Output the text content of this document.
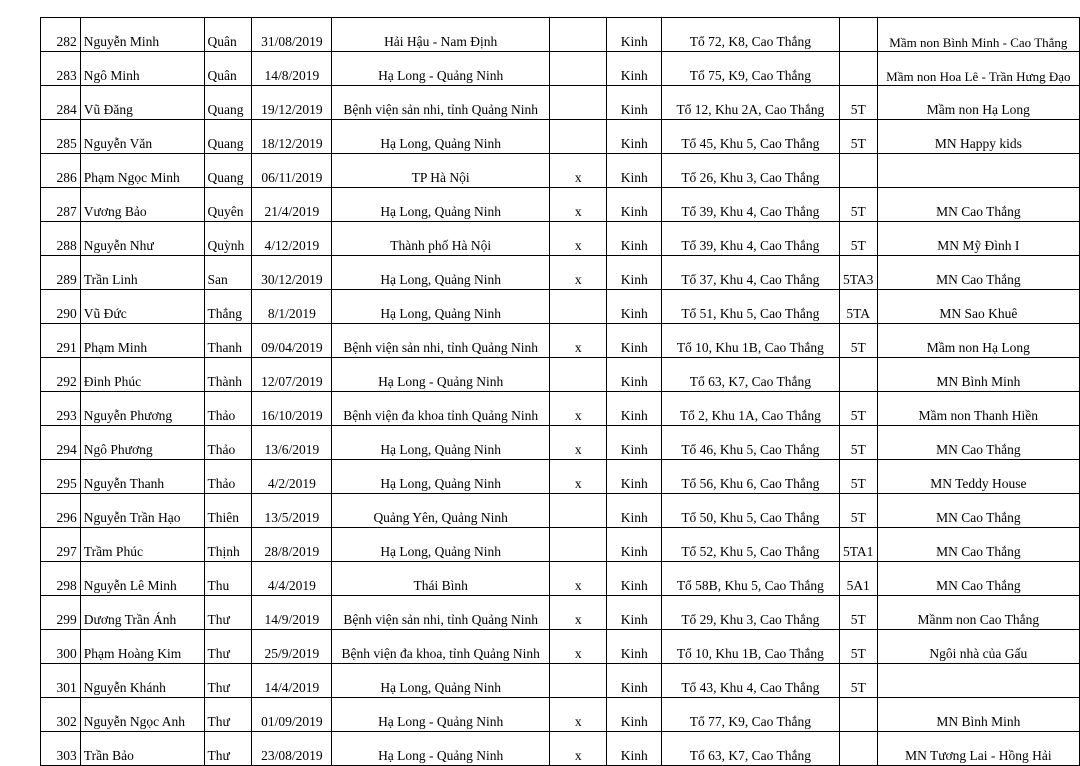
282	Nguyễn Minh	Quân	31/08/2019	Hải Hậu - Nam Định		Kinh	Tổ 72, K8, Cao Thắng		Mầm non Bình Minh - Cao Thắng
283	Ngô Minh	Quân	14/8/2019	Hạ Long - Quảng Ninh		Kinh	Tổ 75, K9, Cao Thắng		Mầm non Hoa Lê - Trần Hưng Đạo
284	Vũ Đăng	Quang	19/12/2019	Bệnh viện sản nhi, tỉnh Quảng Ninh		Kinh	Tổ 12, Khu 2A, Cao Thắng	5T	Mầm non Hạ Long
285	Nguyễn Văn	Quang	18/12/2019	Hạ Long, Quảng Ninh		Kinh	Tổ 45, Khu 5, Cao Thắng	5T	MN Happy kids
286	Phạm Ngọc Minh	Quang	06/11/2019	TP Hà Nội	x	Kinh	Tổ 26, Khu 3, Cao Thắng		
287	Vương Bảo	Quyên	21/4/2019	Hạ Long, Quảng Ninh	x	Kinh	Tổ 39, Khu 4, Cao Thắng	5T	MN Cao Thắng
288	Nguyễn Như	Quỳnh	4/12/2019	Thành phố Hà Nội	x	Kinh	Tổ 39, Khu 4, Cao Thắng	5T	MN Mỹ Đình I
289	Trần Linh	San	30/12/2019	Hạ Long, Quảng Ninh	x	Kinh	Tổ 37, Khu 4, Cao Thắng	5TA3	MN Cao Thắng
290	Vũ Đức	Thắng	8/1/2019	Hạ Long, Quảng Ninh		Kinh	Tổ 51, Khu 5, Cao Thắng	5TA	MN Sao Khuê
291	Phạm Minh	Thanh	09/04/2019	Bệnh viện sản nhi, tỉnh Quảng Ninh	x	Kinh	Tổ 10, Khu 1B, Cao Thắng	5T	Mầm non Hạ Long
292	Đinh Phúc	Thành	12/07/2019	Hạ Long - Quảng Ninh		Kinh	Tổ 63, K7, Cao Thắng		MN Bình Minh
293	Nguyễn Phương	Thảo	16/10/2019	Bệnh viện đa khoa tỉnh Quảng Ninh	x	Kinh	Tổ 2, Khu 1A, Cao Thắng	5T	Mầm non Thanh Hiền
294	Ngô Phương	Thảo	13/6/2019	Hạ Long, Quảng Ninh	x	Kinh	Tổ 46, Khu 5, Cao Thắng	5T	MN Cao Thắng
295	Nguyễn Thanh	Thảo	4/2/2019	Hạ Long, Quảng Ninh	x	Kinh	Tổ 56, Khu 6, Cao Thắng	5T	MN Teddy House
296	Nguyễn Trần Hạo	Thiên	13/5/2019	Quảng Yên, Quảng Ninh		Kinh	Tổ 50, Khu 5, Cao Thắng	5T	MN Cao Thắng
297	Trầm Phúc	Thịnh	28/8/2019	Hạ Long, Quảng Ninh		Kinh	Tổ 52, Khu 5, Cao Thắng	5TA1	MN Cao Thắng
298	Nguyễn Lê Minh	Thu	4/4/2019	Thái Bình	x	Kinh	Tổ 58B, Khu 5, Cao Thắng	5A1	MN Cao Thắng
299	Dương Trần Ánh	Thư	14/9/2019	Bệnh viện sản nhi, tỉnh Quảng Ninh	x	Kinh	Tổ 29, Khu 3, Cao Thắng	5T	Mầnm non Cao Thắng
300	Phạm Hoàng Kim	Thư	25/9/2019	Bệnh viện đa khoa, tỉnh Quảng Ninh	x	Kinh	Tổ 10, Khu 1B, Cao Thắng	5T	Ngôi nhà của Gấu
301	Nguyễn Khánh	Thư	14/4/2019	Hạ Long, Quảng Ninh		Kinh	Tổ 43, Khu 4, Cao Thắng	5T	
302	Nguyễn Ngọc Anh	Thư	01/09/2019	Hạ Long - Quảng Ninh	x	Kinh	Tổ 77, K9, Cao Thắng		MN Bình Minh
303	Trần Bảo	Thư	23/08/2019	Hạ Long - Quảng Ninh	x	Kinh	Tổ 63, K7, Cao Thắng		MN Tương Lai - Hồng Hải
